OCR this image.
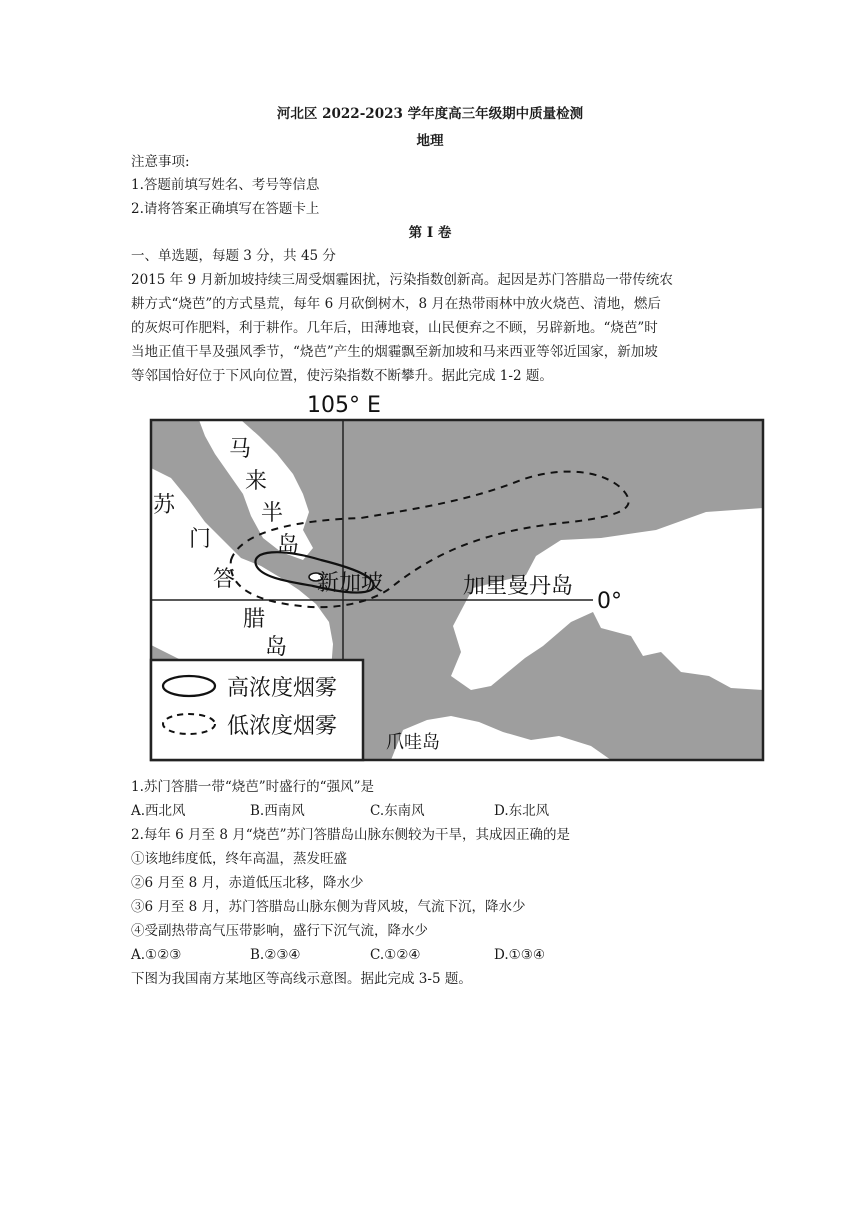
河北区 2022-2023 学年度高三年级期中质量检测
地理
注意事项:
1.答题前填写姓名、考号等信息
2.请将答案正确填写在答题卡上
第 I 卷
一、单选题，每题 3 分，共 45 分
2015 年 9 月新加坡持续三周受烟霾困扰，污染指数创新高。起因是苏门答腊岛一带传统农
耕方式“烧芭”的方式垦荒，每年 6 月砍倒树木，8 月在热带雨林中放火烧芭、清地，燃后
的灰烬可作肥料，利于耕作。几年后，田薄地衰，山民便弃之不顾，另辟新地。“烧芭”时
当地正值干旱及强风季节，“烧芭”产生的烟霾飘至新加坡和马来西亚等邻近国家，新加坡
等邻国恰好位于下风向位置，使污染指数不断攀升。据此完成 1-2 题。
高浓度烟雾
低浓度烟雾
105° E
0°
马
来
半
岛
苏
门
答
腊
岛
新加坡	加里曼丹岛
爪哇岛
1.苏门答腊一带“烧芭”时盛行的“强风”是
A.西北风	B.西南风	C.东南风	D.东北风
2.每年 6 月至 8 月“烧芭”苏门答腊岛山脉东侧较为干旱，其成因正确的是
①该地纬度低，终年高温，蒸发旺盛
②6 月至 8 月，赤道低压北移，降水少
③6 月至 8 月，苏门答腊岛山脉东侧为背风坡，气流下沉，降水少
④受副热带高气压带影响，盛行下沉气流，降水少
A.①②③	B.②③④	C.①②④	D.①③④
下图为我国南方某地区等高线示意图。据此完成 3-5 题。
